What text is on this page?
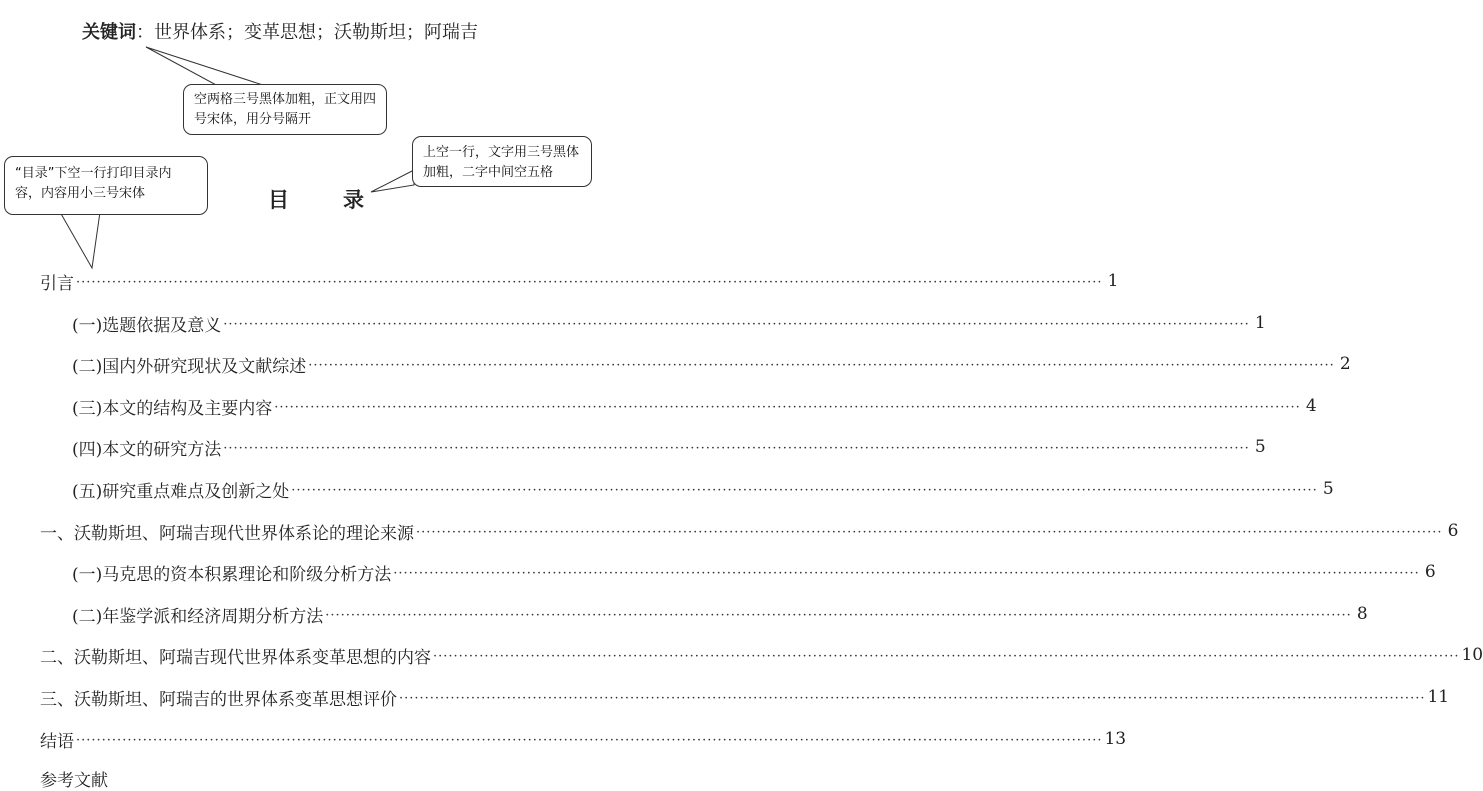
关键词：世界体系；变革思想；沃勒斯坦；阿瑞吉
空两格三号黑体加粗，正文用四号宋体，用分号隔开
上空一行，文字用三号黑体加粗，二字中间空五格
“目录”下空一行打印目录内容，内容用小三号宋体	目	录
引言 ········································································································································································································ 1
(一)选题依据及意义 ········································································································································································································ 1
(二)国内外研究现状及文献综述 ········································································································································································································ 2
(三)本文的结构及主要内容 ········································································································································································································ 4
(四)本文的研究方法 ········································································································································································································ 5
(五)研究重点难点及创新之处 ········································································································································································································ 5
一、沃勒斯坦、阿瑞吉现代世界体系论的理论来源 ········································································································································································································ 6
(一)马克思的资本积累理论和阶级分析方法 ········································································································································································································ 6
(二)年鉴学派和经济周期分析方法 ········································································································································································································ 8
二、沃勒斯坦、阿瑞吉现代世界体系变革思想的内容 ········································································································································································································ 10
三、沃勒斯坦、阿瑞吉的世界体系变革思想评价 ········································································································································································································ 11
结语 ········································································································································································································ 13
参考文献
